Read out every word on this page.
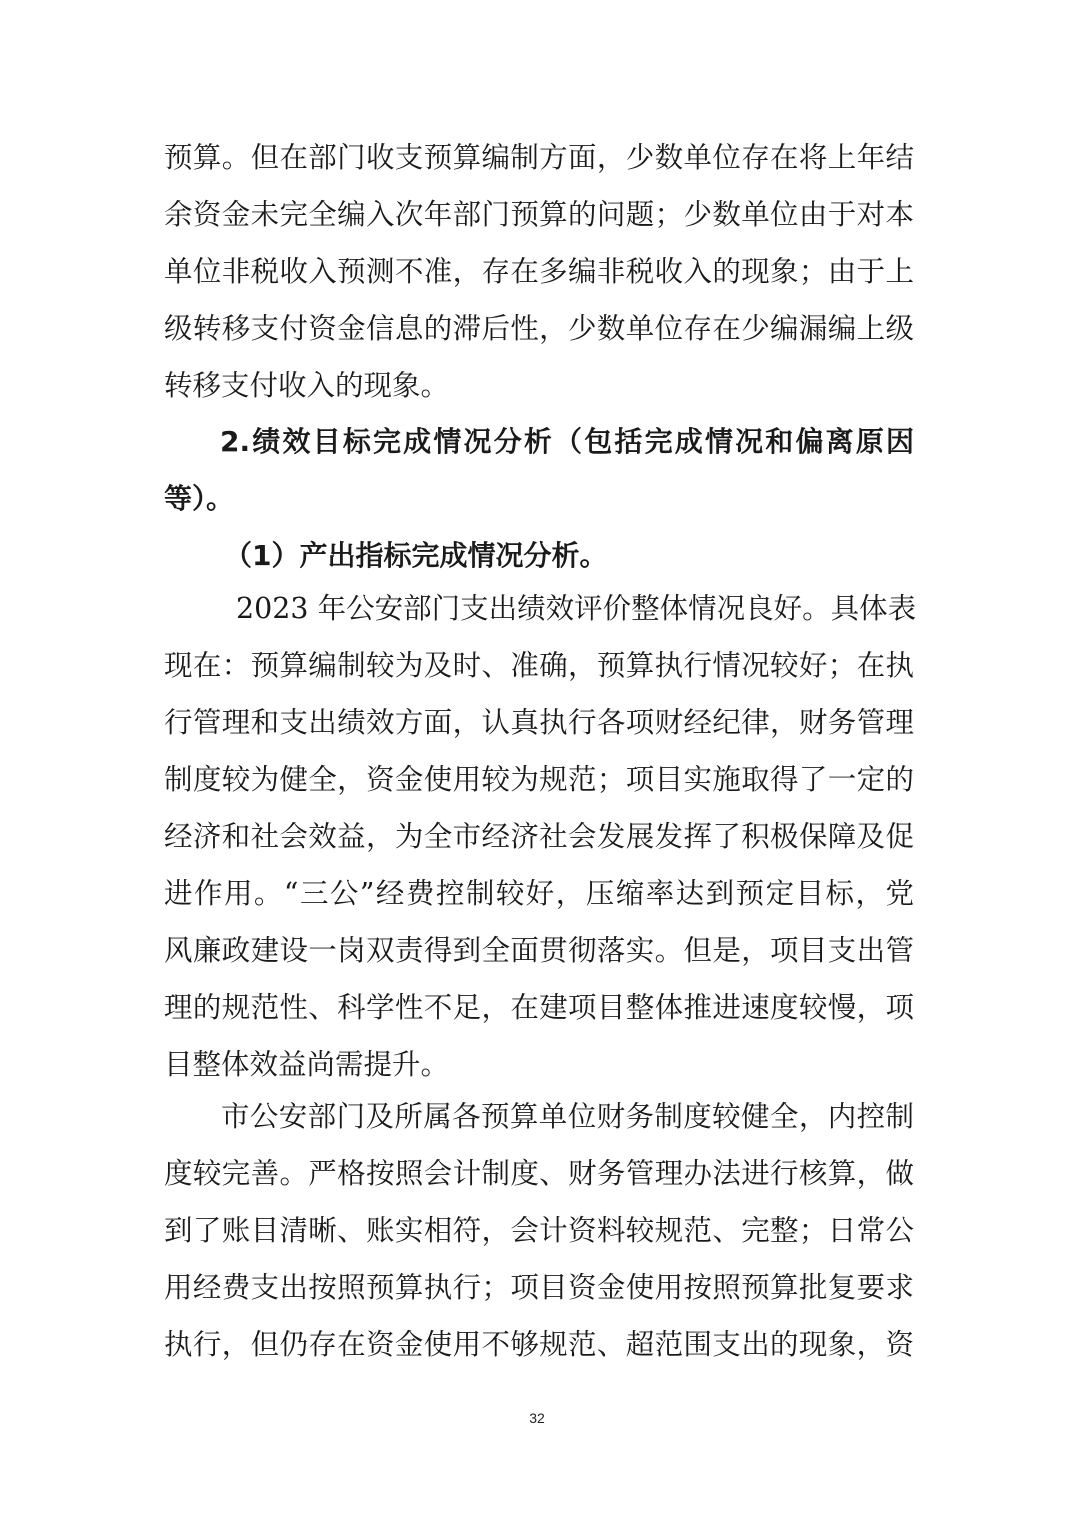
预算。但在部门收支预算编制方面，少数单位存在将上年结
余资金未完全编入次年部门预算的问题；少数单位由于对本
单位非税收入预测不准，存在多编非税收入的现象；由于上
级转移支付资金信息的滞后性，少数单位存在少编漏编上级
转移支付收入的现象。
2.绩效目标完成情况分析（包括完成情况和偏离原因
等）。
（1）产出指标完成情况分析。
2023 年公安部门支出绩效评价整体情况良好。具体表
现在：预算编制较为及时、准确，预算执行情况较好；在执
行管理和支出绩效方面，认真执行各项财经纪律，财务管理
制度较为健全，资金使用较为规范；项目实施取得了一定的
经济和社会效益，为全市经济社会发展发挥了积极保障及促
进作用。“三公”经费控制较好，压缩率达到预定目标，党
风廉政建设一岗双责得到全面贯彻落实。但是，项目支出管
理的规范性、科学性不足，在建项目整体推进速度较慢，项
目整体效益尚需提升。
市公安部门及所属各预算单位财务制度较健全，内控制
度较完善。严格按照会计制度、财务管理办法进行核算，做
到了账目清晰、账实相符，会计资料较规范、完整；日常公
用经费支出按照预算执行；项目资金使用按照预算批复要求
执行，但仍存在资金使用不够规范、超范围支出的现象，资
32
